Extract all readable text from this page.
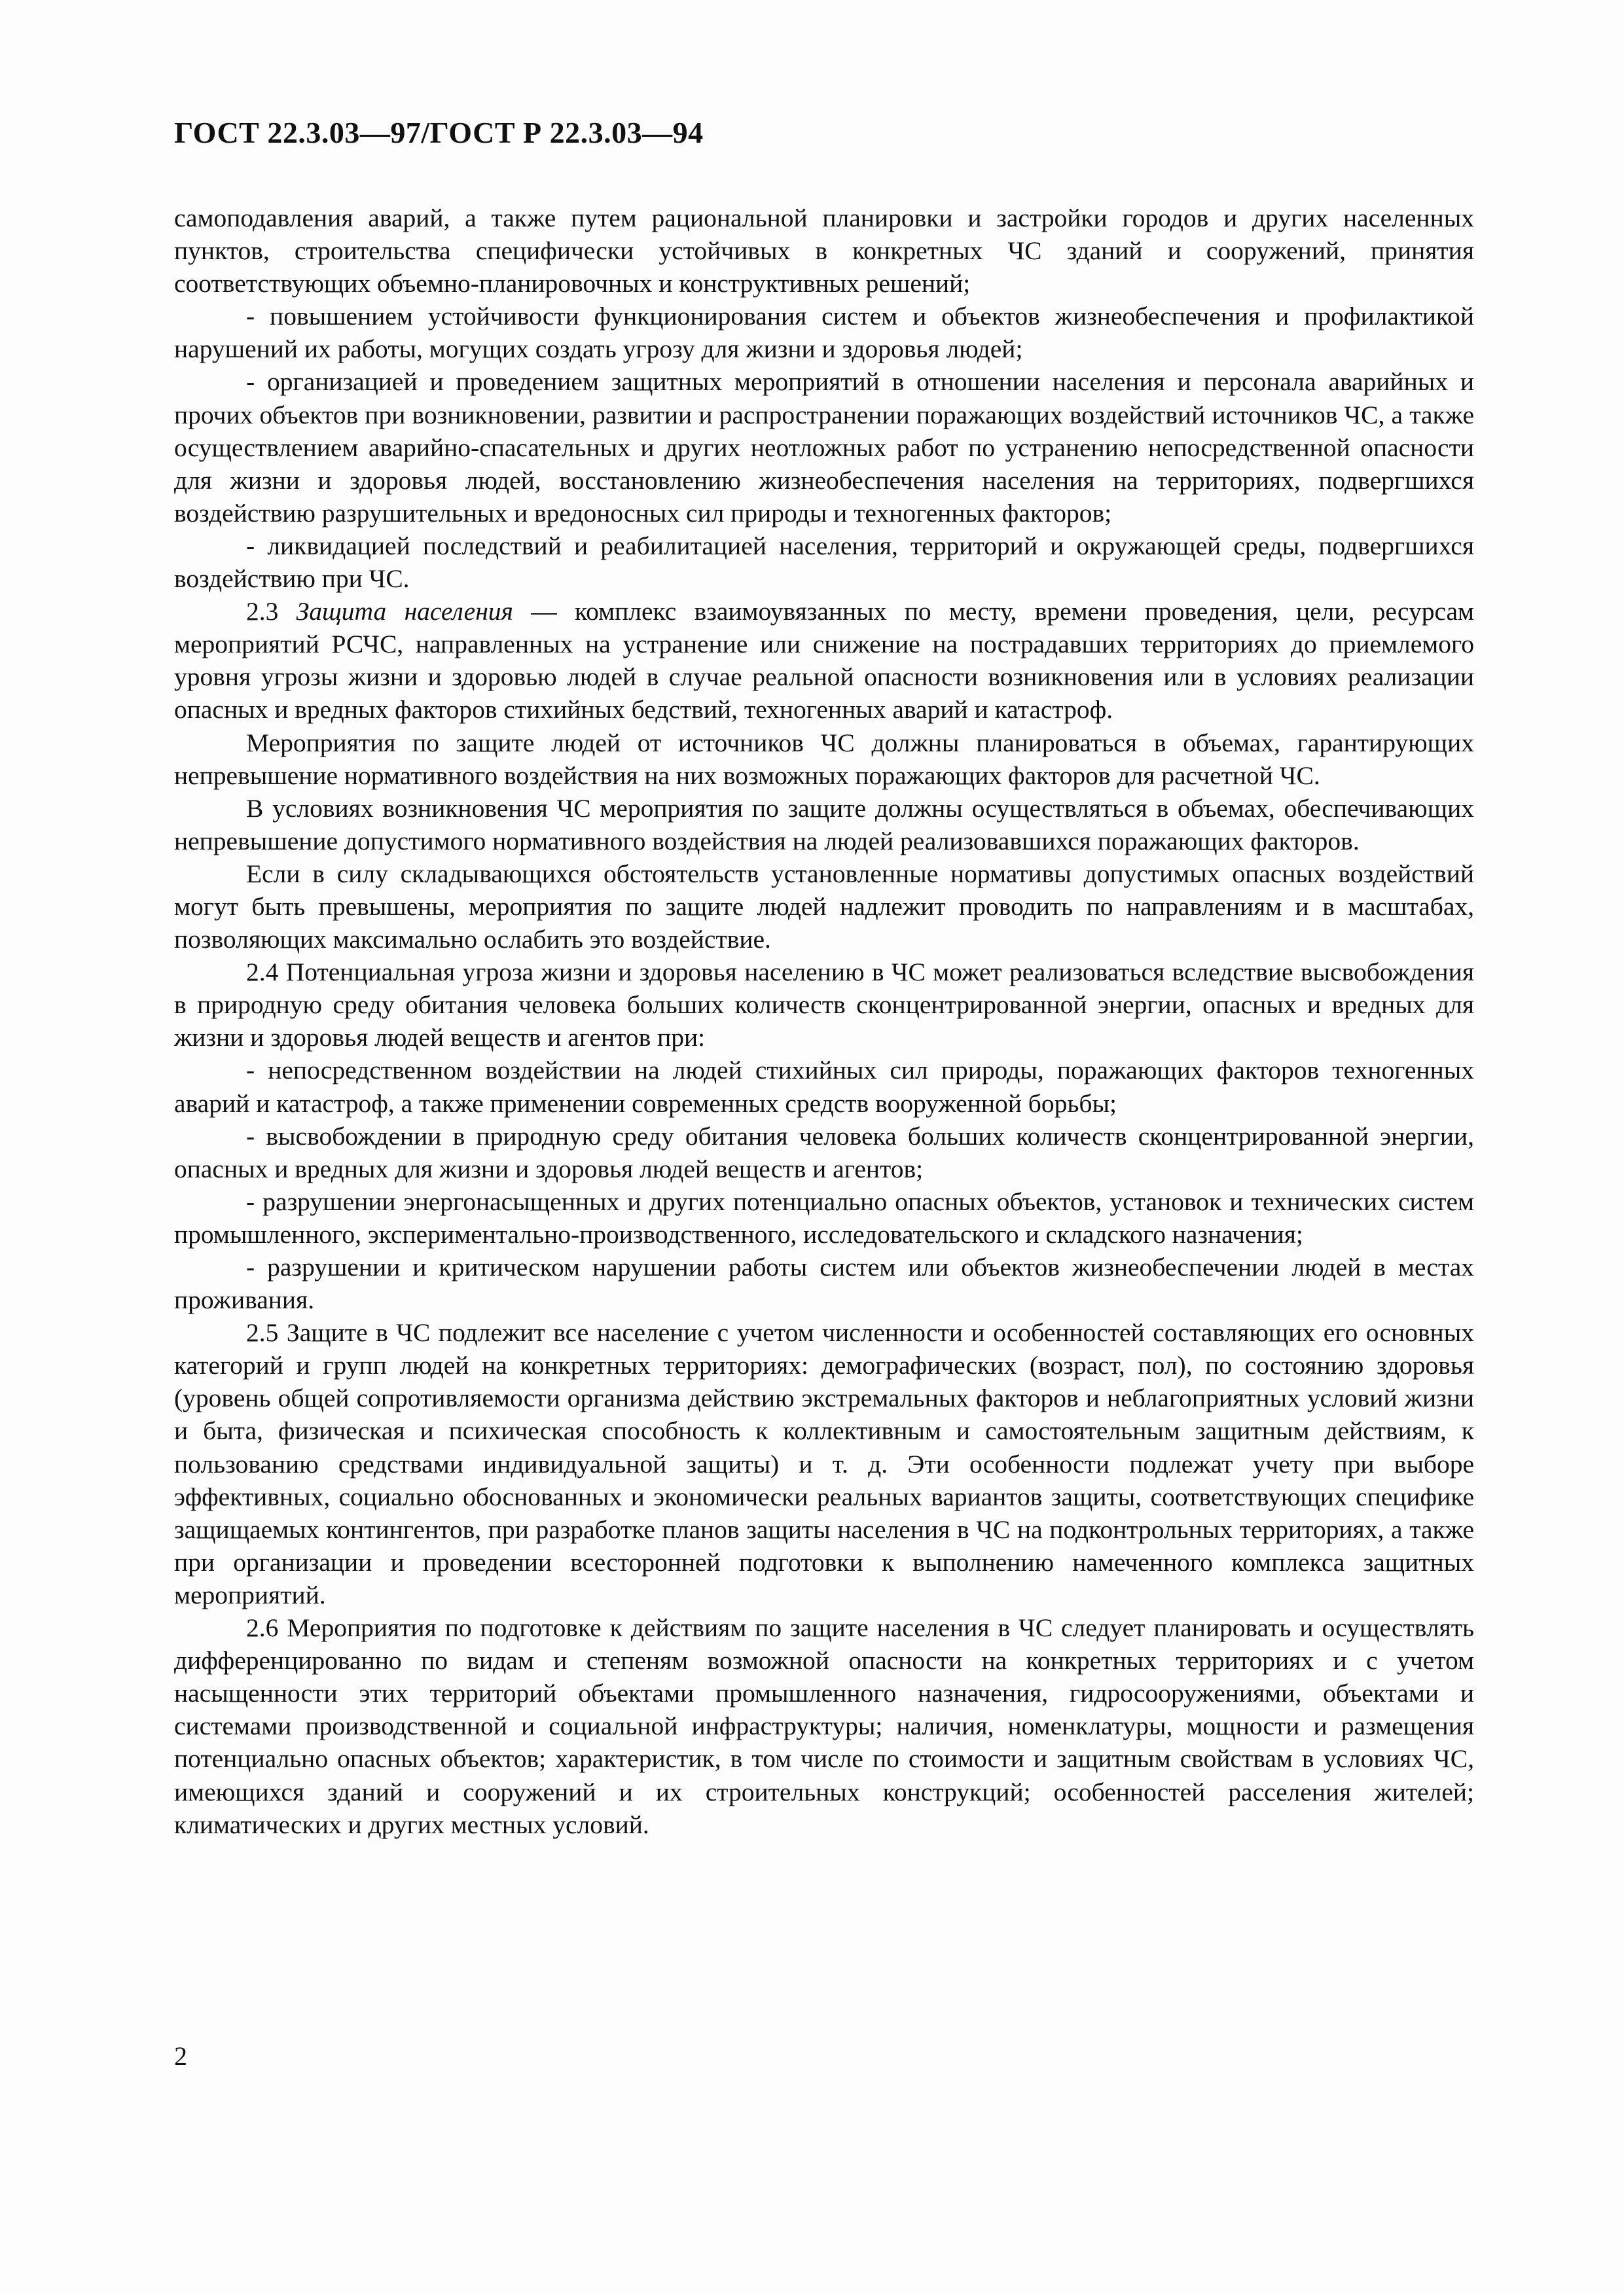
ГОСТ 22.3.03—97/ГОСТ Р 22.3.03—94

самоподавления аварий, а также путем рациональной планировки и застройки городов и других населенных пунктов, строительства специфически устойчивых в конкретных ЧС зданий и сооружений, принятия соответствующих объемно-планировочных и конструктивных решений;

- повышением устойчивости функционирования систем и объектов жизнеобеспечения и профилактикой нарушений их работы, могущих создать угрозу для жизни и здоровья людей;

- организацией и проведением защитных мероприятий в отношении населения и персонала аварийных и прочих объектов при возникновении, развитии и распространении поражающих воздействий источников ЧС, а также осуществлением аварийно-спасательных и других неотложных работ по устранению непосредственной опасности для жизни и здоровья людей, восстановлению жизнеобеспечения населения на территориях, подвергшихся воздействию разрушительных и вредоносных сил природы и техногенных факторов;

- ликвидацией последствий и реабилитацией населения, территорий и окружающей среды, подвергшихся воздействию при ЧС.

2.3 Защита населения — комплекс взаимоувязанных по месту, времени проведения, цели, ресурсам мероприятий РСЧС, направленных на устранение или снижение на пострадавших территориях до приемлемого уровня угрозы жизни и здоровью людей в случае реальной опасности возникновения или в условиях реализации опасных и вредных факторов стихийных бедствий, техногенных аварий и катастроф.

Мероприятия по защите людей от источников ЧС должны планироваться в объемах, гарантирующих непревышение нормативного воздействия на них возможных поражающих факторов для расчетной ЧС.

В условиях возникновения ЧС мероприятия по защите должны осуществляться в объемах, обеспечивающих непревышение допустимого нормативного воздействия на людей реализовавшихся поражающих факторов.

Если в силу складывающихся обстоятельств установленные нормативы допустимых опасных воздействий могут быть превышены, мероприятия по защите людей надлежит проводить по направлениям и в масштабах, позволяющих максимально ослабить это воздействие.

2.4 Потенциальная угроза жизни и здоровья населению в ЧС может реализоваться вследствие высвобождения в природную среду обитания человека больших количеств сконцентрированной энергии, опасных и вредных для жизни и здоровья людей веществ и агентов при:

- непосредственном воздействии на людей стихийных сил природы, поражающих факторов техногенных аварий и катастроф, а также применении современных средств вооруженной борьбы;

- высвобождении в природную среду обитания человека больших количеств сконцентрированной энергии, опасных и вредных для жизни и здоровья людей веществ и агентов;

- разрушении энергонасыщенных и других потенциально опасных объектов, установок и технических систем промышленного, экспериментально-производственного, исследовательского и складского назначения;

- разрушении и критическом нарушении работы систем или объектов жизнеобеспечении людей в местах проживания.

2.5 Защите в ЧС подлежит все население с учетом численности и особенностей составляющих его основных категорий и групп людей на конкретных территориях: демографических (возраст, пол), по состоянию здоровья (уровень общей сопротивляемости организма действию экстремальных факторов и неблагоприятных условий жизни и быта, физическая и психическая способность к коллективным и самостоятельным защитным действиям, к пользованию средствами индивидуальной защиты) и т. д. Эти особенности подлежат учету при выборе эффективных, социально обоснованных и экономически реальных вариантов защиты, соответствующих специфике защищаемых контингентов, при разработке планов защиты населения в ЧС на подконтрольных территориях, а также при организации и проведении всесторонней подготовки к выполнению намеченного комплекса защитных мероприятий.

2.6 Мероприятия по подготовке к действиям по защите населения в ЧС следует планировать и осуществлять дифференцированно по видам и степеням возможной опасности на конкретных территориях и с учетом насыщенности этих территорий объектами промышленного назначения, гидросооружениями, объектами и системами производственной и социальной инфраструктуры; наличия, номенклатуры, мощности и размещения потенциально опасных объектов; характеристик, в том числе по стоимости и защитным свойствам в условиях ЧС, имеющихся зданий и сооружений и их строительных конструкций; особенностей расселения жителей; климатических и других местных условий.

2
